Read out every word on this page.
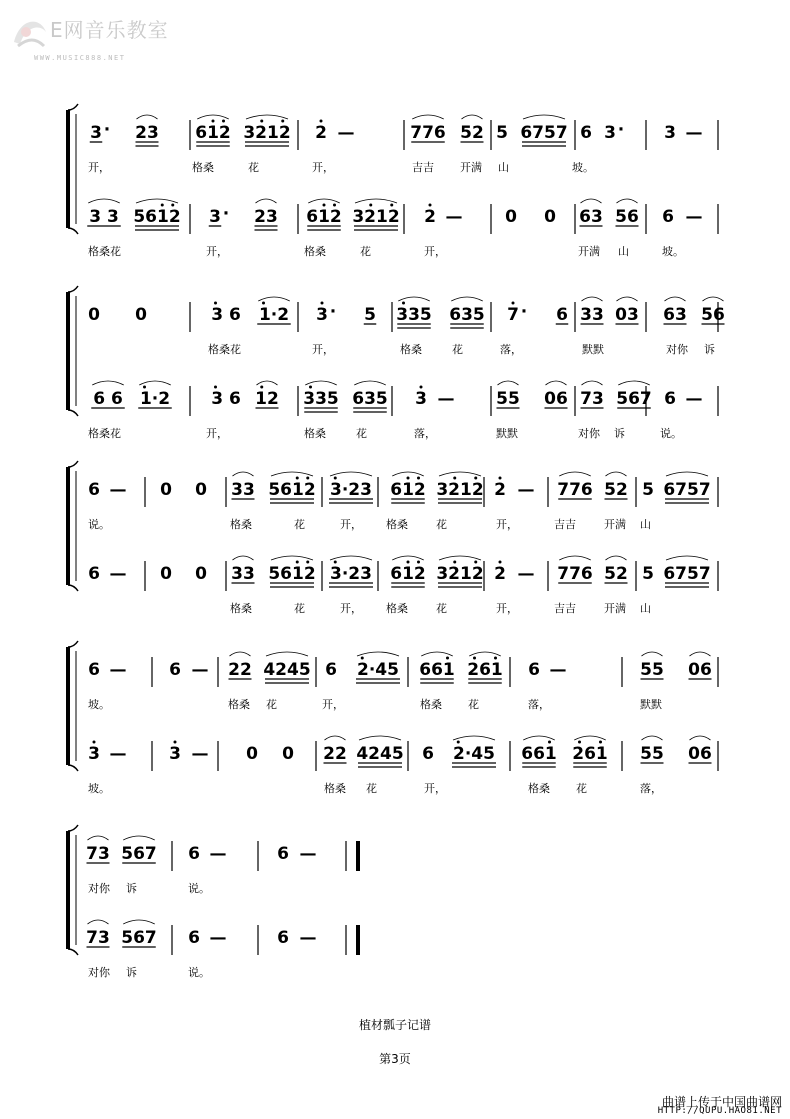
E网音乐教室
WWW.MUSIC888.NET
3 · 23 612 3212 2 —	776 52 5 6757 6 3 · 3 —
开，	格桑	花	开，	吉吉 开满 山	坡。
3 3 5612 3 · 23 612 3212 2 —	0 0 63 56 6 —
格桑花	开，	格桑	花	开，	开满 山	坡。
0 0	3 6 1·2 3 · 5 335 635 7 · 6 33 03 63 56
格桑花	开，	格桑	花	落，	默默	对你 诉
6 6 1·2 3 6 12 335 635 3 — 55 06 73 567 6 —
格桑花	开，	格桑	花	落，	默默	对你 诉	说。
6 — 0 0 33 5612 3·23 612 3212 2 — 776 52 5 6757
说。	格桑	花	开， 格桑	花	开，	吉吉	开满 山
6 — 0 0 33 5612 3·23 612 3212 2 — 776 52 5 6757
格桑	花	开， 格桑	花	开，	吉吉	开满 山
6 —	6 — 22 4245 6 2·45 661 261 6 —	55 06
坡。	格桑 花	开，	格桑 花	落，	默默
3 —	3 — 0 0 22 4245 6 2·45 661 261 55 06
坡。	格桑 花	开，	格桑 花	落，
73 567 6 —	6 —
对你 诉	说。
73 567 6 —	6 —
对你 诉	说。
植材瓢子记谱
第3页
曲谱上传于中国曲谱网
HTTP://QUPU.HAO81.NET
